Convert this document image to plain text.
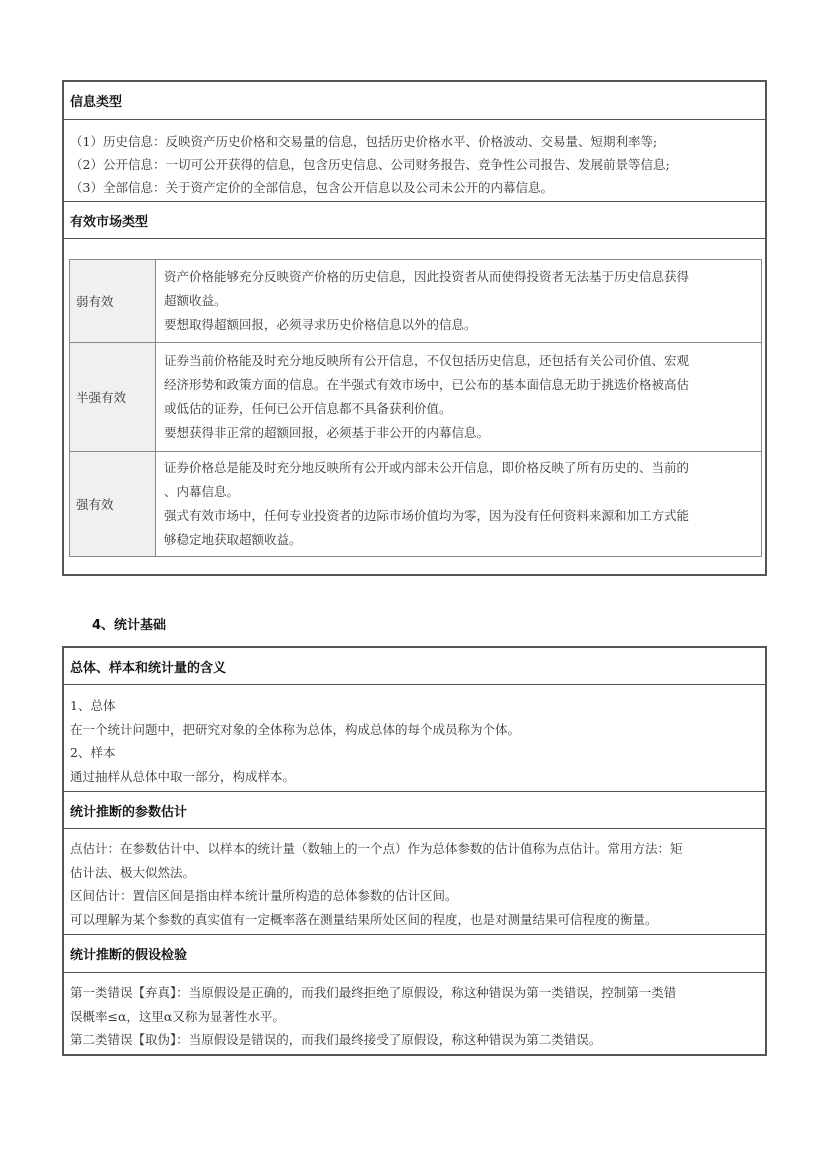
信息类型
（1）历史信息：反映资产历史价格和交易量的信息，包括历史价格水平、价格波动、交易量、短期利率等;
（2）公开信息：一切可公开获得的信息，包含历史信息、公司财务报告、竞争性公司报告、发展前景等信息;
（3）全部信息：关于资产定价的全部信息，包含公开信息以及公司未公开的内幕信息。
有效市场类型
弱有效	资产价格能够充分反映资产价格的历史信息，因此投资者从而使得投资者无法基于历史信息获得
超额收益。
要想取得超额回报，必须寻求历史价格信息以外的信息。

半强有效	证券当前价格能及时充分地反映所有公开信息，不仅包括历史信息，还包括有关公司价值、宏观
经济形势和政策方面的信息。在半强式有效市场中，已公布的基本面信息无助于挑选价格被高估
或低估的证券，任何已公开信息都不具备获利价值。
要想获得非正常的超额回报，必须基于非公开的内幕信息。

强有效	证券价格总是能及时充分地反映所有公开或内部未公开信息，即价格反映了所有历史的、当前的
、内幕信息。
强式有效市场中，任何专业投资者的边际市场价值均为零，因为没有任何资料来源和加工方式能
够稳定地获取超额收益。
4、统计基础
总体、样本和统计量的含义
1、总体
在一个统计问题中，把研究对象的全体称为总体，构成总体的每个成员称为个体。
2、样本
通过抽样从总体中取一部分，构成样本。
统计推断的参数估计
点估计：在参数估计中、以样本的统计量（数轴上的一个点）作为总体参数的估计值称为点估计。常用方法：矩
估计法、极大似然法。
区间估计：置信区间是指由样本统计量所构造的总体参数的估计区间。
可以理解为某个参数的真实值有一定概率落在测量结果所处区间的程度，也是对测量结果可信程度的衡量。
统计推断的假设检验
第一类错误【弃真】：当原假设是正确的，而我们最终拒绝了原假设，称这种错误为第一类错误，控制第一类错
误概率≤α，这里α又称为显著性水平。
第二类错误【取伪】：当原假设是错误的，而我们最终接受了原假设，称这种错误为第二类错误。
